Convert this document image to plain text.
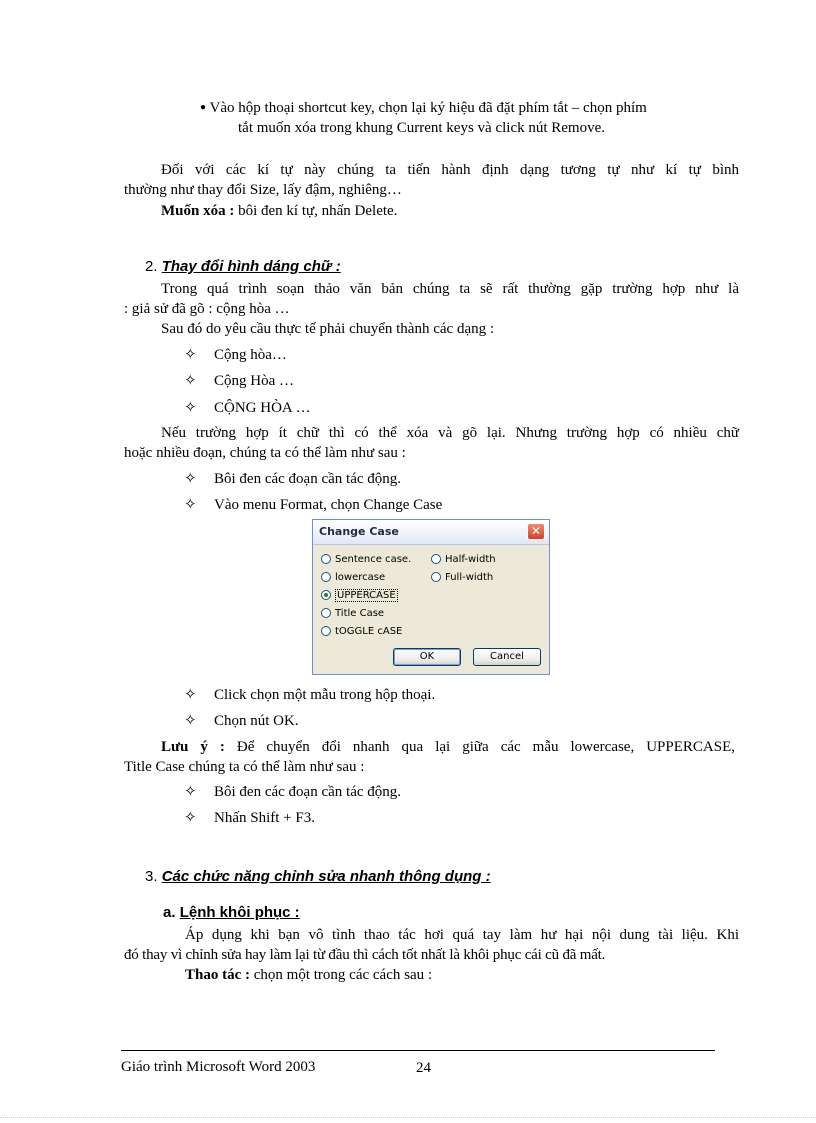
● Vào hộp thoại shortcut key, chọn lại ký hiệu đã đặt phím tắt – chọn phím
tắt muốn xóa trong khung Current keys và click nút Remove.
Đối với các kí tự này chúng ta tiến hành định dạng tương tự như kí tự bình
thường như thay đổi Size, lấy đậm, nghiêng…
Muốn xóa : bôi đen kí tự, nhấn Delete.
2. Thay đổi hình dáng chữ :
Trong quá trình soạn thảo văn bản chúng ta sẽ rất thường gặp trường hợp như là
: giả sử đã gõ : cộng hòa …
Sau đó do yêu cầu thực tế phải chuyển thành các dạng :
✧ Cộng hòa…
✧ Cộng Hòa …
✧ CỘNG HÒA …
Nếu trường hợp ít chữ thì có thể xóa và gõ lại. Nhưng trường hợp có nhiều chữ
hoặc nhiều đoạn, chúng ta có thể làm như sau :
✧ Bôi đen các đoạn cần tác động.
✧ Vào menu Format, chọn Change Case
Change Case	✕
Sentence case.
lowercase
UPPERCASE
Title Case
tOGGLE cASE
Half-width
Full-width
OK	Cancel
✧ Click chọn một mẫu trong hộp thoại.
✧ Chọn nút OK.
Lưu ý : Để chuyển đổi nhanh qua lại giữa các mẫu lowercase, UPPERCASE,
Title Case chúng ta có thể làm như sau :
✧ Bôi đen các đoạn cần tác động.
✧ Nhấn Shift + F3.
3. Các chức năng chỉnh sửa nhanh thông dụng :
a. Lệnh khôi phục :
Áp dụng khi bạn vô tình thao tác hơi quá tay làm hư hại nội dung tài liệu. Khi
đó thay vì chỉnh sửa hay làm lại từ đầu thì cách tốt nhất là khôi phục cái cũ đã mất.
Thao tác : chọn một trong các cách sau :
Giáo trình Microsoft Word 2003	24
